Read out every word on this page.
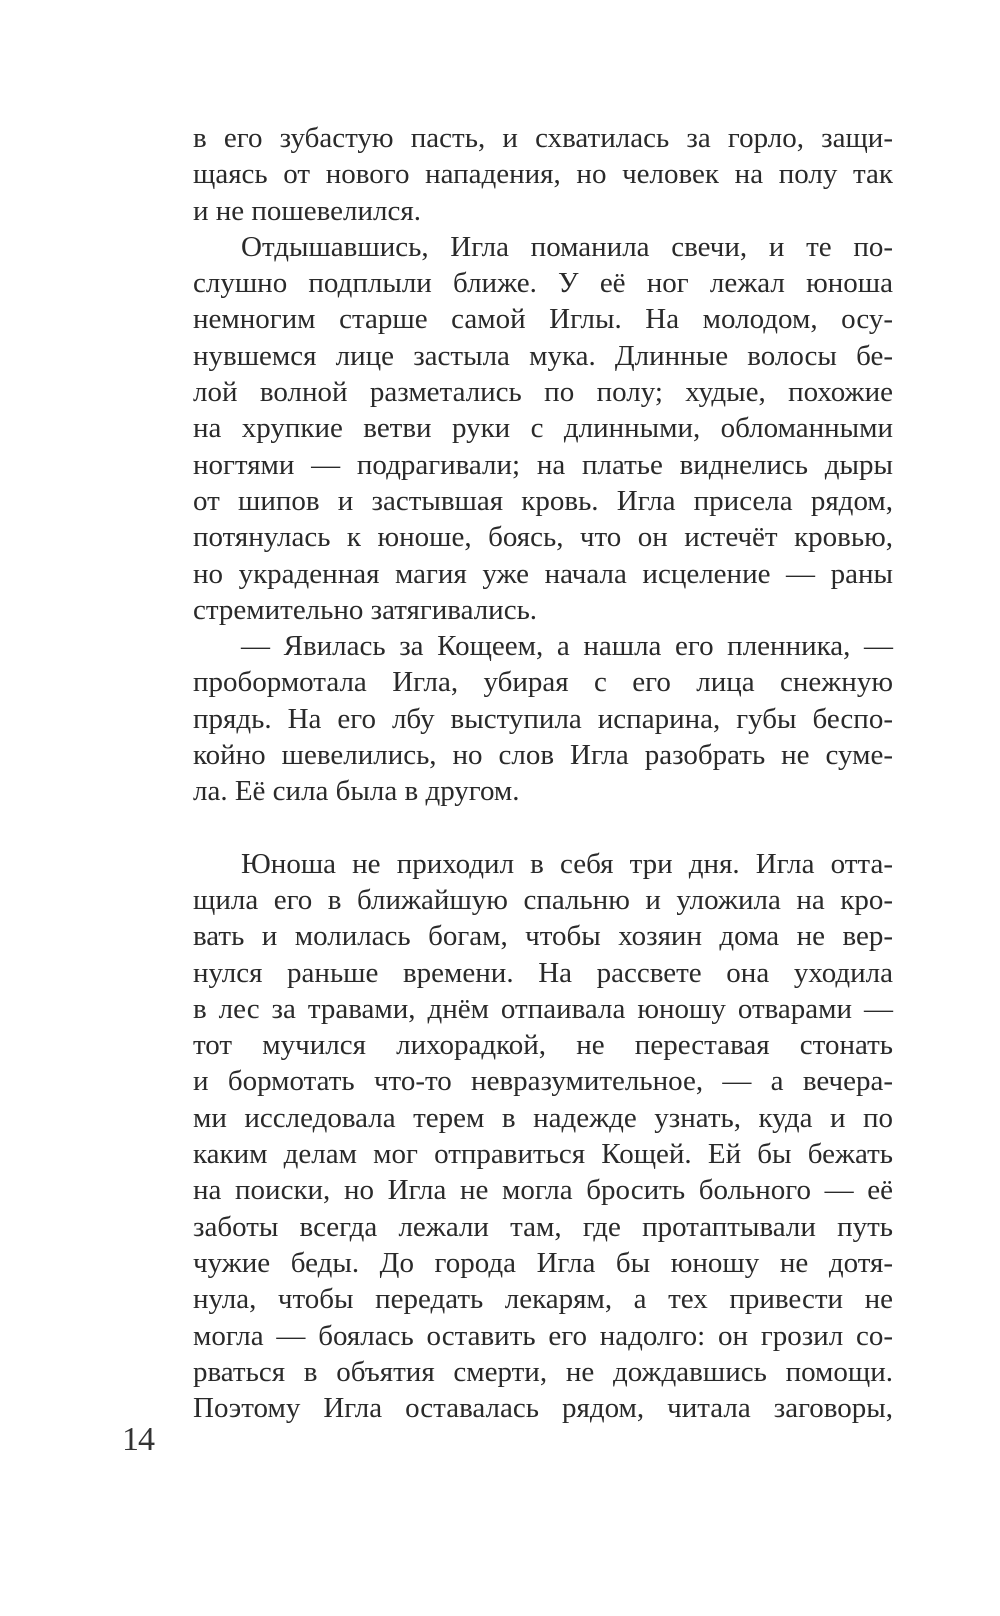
в его зубастую пасть, и схватилась за горло, защи-
щаясь от нового нападения, но человек на полу так
и не пошевелился.
Отдышавшись, Игла поманила свечи, и те по-
слушно подплыли ближе. У её ног лежал юноша
немногим старше самой Иглы. На молодом, осу-
нувшемся лице застыла мука. Длинные волосы бе-
лой волной разметались по полу; худые, похожие
на хрупкие ветви руки с длинными, обломанными
ногтями — подрагивали; на платье виднелись дыры
от шипов и застывшая кровь. Игла присела рядом,
потянулась к юноше, боясь, что он истечёт кровью,
но украденная магия уже начала исцеление — раны
стремительно затягивались.
— Явилась за Кощеем, а нашла его пленника, —
пробормотала Игла, убирая с его лица снежную
прядь. На его лбу выступила испарина, губы беспо-
койно шевелились, но слов Игла разобрать не суме-
ла. Её сила была в другом.
Юноша не приходил в себя три дня. Игла отта-
щила его в ближайшую спальню и уложила на кро-
вать и молилась богам, чтобы хозяин дома не вер-
нулся раньше времени. На рассвете она уходила
в лес за травами, днём отпаивала юношу отварами —
тот мучился лихорадкой, не переставая стонать
и бормотать что-то невразумительное, — а вечера-
ми исследовала терем в надежде узнать, куда и по
каким делам мог отправиться Кощей. Ей бы бежать
на поиски, но Игла не могла бросить больного — её
заботы всегда лежали там, где протаптывали путь
чужие беды. До города Игла бы юношу не дотя-
нула, чтобы передать лекарям, а тех привести не
могла — боялась оставить его надолго: он грозил со-
рваться в объятия смерти, не дождавшись помощи.
Поэтому Игла оставалась рядом, читала заговоры,
14
